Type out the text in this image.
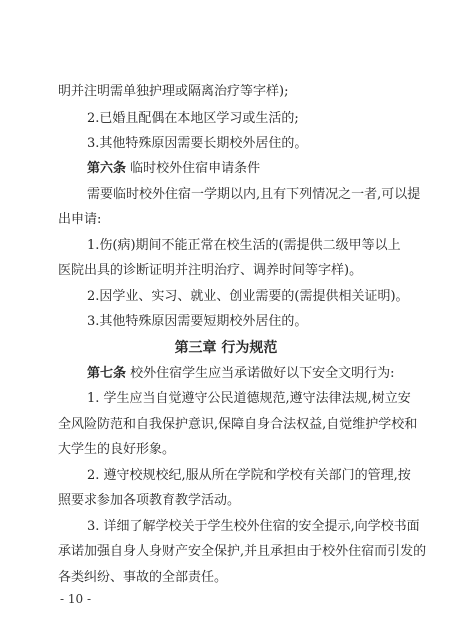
明并注明需单独护理或隔离治疗等字样);
2.已婚且配偶在本地区学习或生活的;
3.其他特殊原因需要长期校外居住的。
第六条 临时校外住宿申请条件
需要临时校外住宿一学期以内,且有下列情况之一者,可以提
出申请:
1.伤(病)期间不能正常在校生活的(需提供二级甲等以上
医院出具的诊断证明并注明治疗、调养时间等字样)。
2.因学业、实习、就业、创业需要的(需提供相关证明)。
3.其他特殊原因需要短期校外居住的。
第三章 行为规范
第七条 校外住宿学生应当承诺做好以下安全文明行为:
1. 学生应当自觉遵守公民道德规范,遵守法律法规,树立安
全风险防范和自我保护意识,保障自身合法权益,自觉维护学校和
大学生的良好形象。
2. 遵守校规校纪,服从所在学院和学校有关部门的管理,按
照要求参加各项教育教学活动。
3. 详细了解学校关于学生校外住宿的安全提示,向学校书面
承诺加强自身人身财产安全保护,并且承担由于校外住宿而引发的
各类纠纷、事故的全部责任。
- 10 -
